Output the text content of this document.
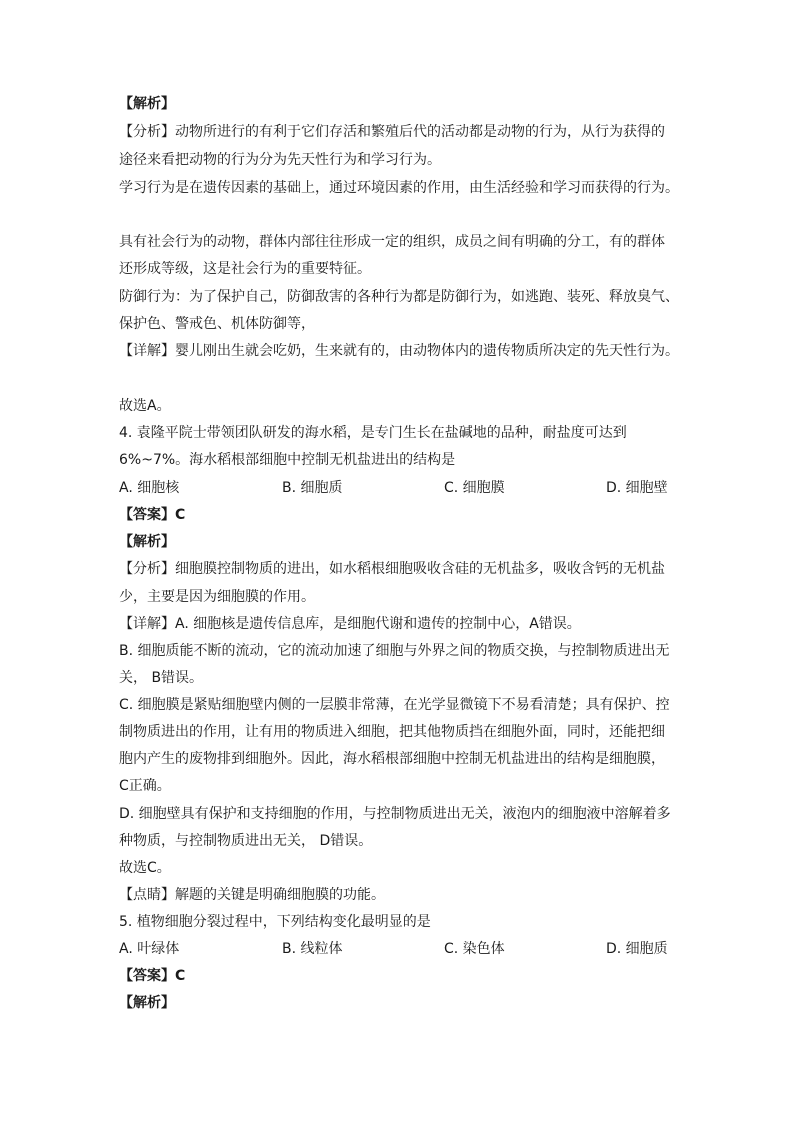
【解析】
【分析】动物所进行的有利于它们存活和繁殖后代的活动都是动物的行为，从行为获得的
途径来看把动物的行为分为先天性行为和学习行为。
学习行为是在遗传因素的基础上，通过环境因素的作用，由生活经验和学习而获得的行为。
具有社会行为的动物，群体内部往往形成一定的组织，成员之间有明确的分工，有的群体
还形成等级，这是社会行为的重要特征。
防御行为：为了保护自己，防御敌害的各种行为都是防御行为，如逃跑、装死、释放臭气、
保护色、警戒色、机体防御等，
【详解】婴儿刚出生就会吃奶，生来就有的，由动物体内的遗传物质所决定的先天性行为。
故选A。
4. 袁隆平院士带领团队研发的海水稻，是专门生长在盐碱地的品种，耐盐度可达到
6%~7%。海水稻根部细胞中控制无机盐进出的结构是
A. 细胞核	B. 细胞质	C. 细胞膜	D. 细胞壁
【答案】C
【解析】
【分析】细胞膜控制物质的进出，如水稻根细胞吸收含硅的无机盐多，吸收含钙的无机盐
少，主要是因为细胞膜的作用。
【详解】A. 细胞核是遗传信息库，是细胞代谢和遗传的控制中心，A错误。
B. 细胞质能不断的流动，它的流动加速了细胞与外界之间的物质交换，与控制物质进出无
关， B错误。
C. 细胞膜是紧贴细胞壁内侧的一层膜非常薄，在光学显微镜下不易看清楚；具有保护、控
制物质进出的作用，让有用的物质进入细胞，把其他物质挡在细胞外面，同时，还能把细
胞内产生的废物排到细胞外。因此，海水稻根部细胞中控制无机盐进出的结构是细胞膜，
C正确。
D. 细胞壁具有保护和支持细胞的作用，与控制物质进出无关，液泡内的细胞液中溶解着多
种物质，与控制物质进出无关， D错误。
故选C。
【点睛】解题的关键是明确细胞膜的功能。
5. 植物细胞分裂过程中，下列结构变化最明显的是
A. 叶绿体	B. 线粒体	C. 染色体	D. 细胞质
【答案】C
【解析】
